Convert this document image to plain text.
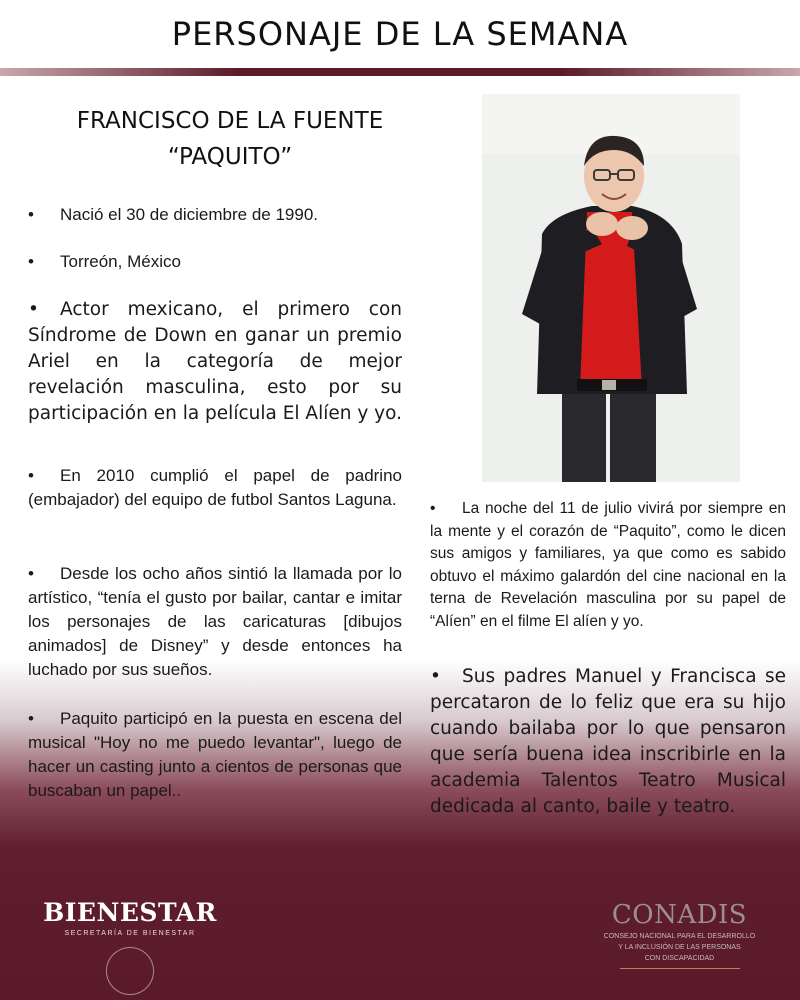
PERSONAJE DE LA SEMANA
FRANCISCO DE LA FUENTE
“PAQUITO”

• Nació el 30 de diciembre de 1990.

• Torreón, México

• Actor mexicano, el primero con Síndrome de Down en ganar un premio Ariel en la categoría de mejor revelación masculina, esto por su participación en la película El Alíen y yo.

• En 2010 cumplió el papel de padrino (embajador) del equipo de futbol Santos Laguna.

• Desde los ocho años sintió la llamada por lo artístico, “tenía el gusto por bailar, cantar e imitar los personajes de las caricaturas [dibujos animados] de Disney” y desde entonces ha luchado por sus sueños.

• Paquito participó en la puesta en escena del musical "Hoy no me puedo levantar", luego de hacer un casting junto a cientos de personas que buscaban un papel..

• La noche del 11 de julio vivirá por siempre en la mente y el corazón de “Paquito”, como le dicen sus amigos y familiares, ya que como es sabido obtuvo el máximo galardón del cine nacional en la terna de Revelación masculina por su papel de “Alíen” en el filme El alíen y yo.

• Sus padres Manuel y Francisca se percataron de lo feliz que era su hijo cuando bailaba por lo que pensaron que sería buena idea inscribirle en la academia Talentos Teatro Musical dedicada al canto, baile y teatro.

BIENESTAR
SECRETARÍA DE BIENESTAR
CONADIS
CONSEJO NACIONAL PARA EL DESARROLLO
Y LA INCLUSIÓN DE LAS PERSONAS
CON DISCAPACIDAD
